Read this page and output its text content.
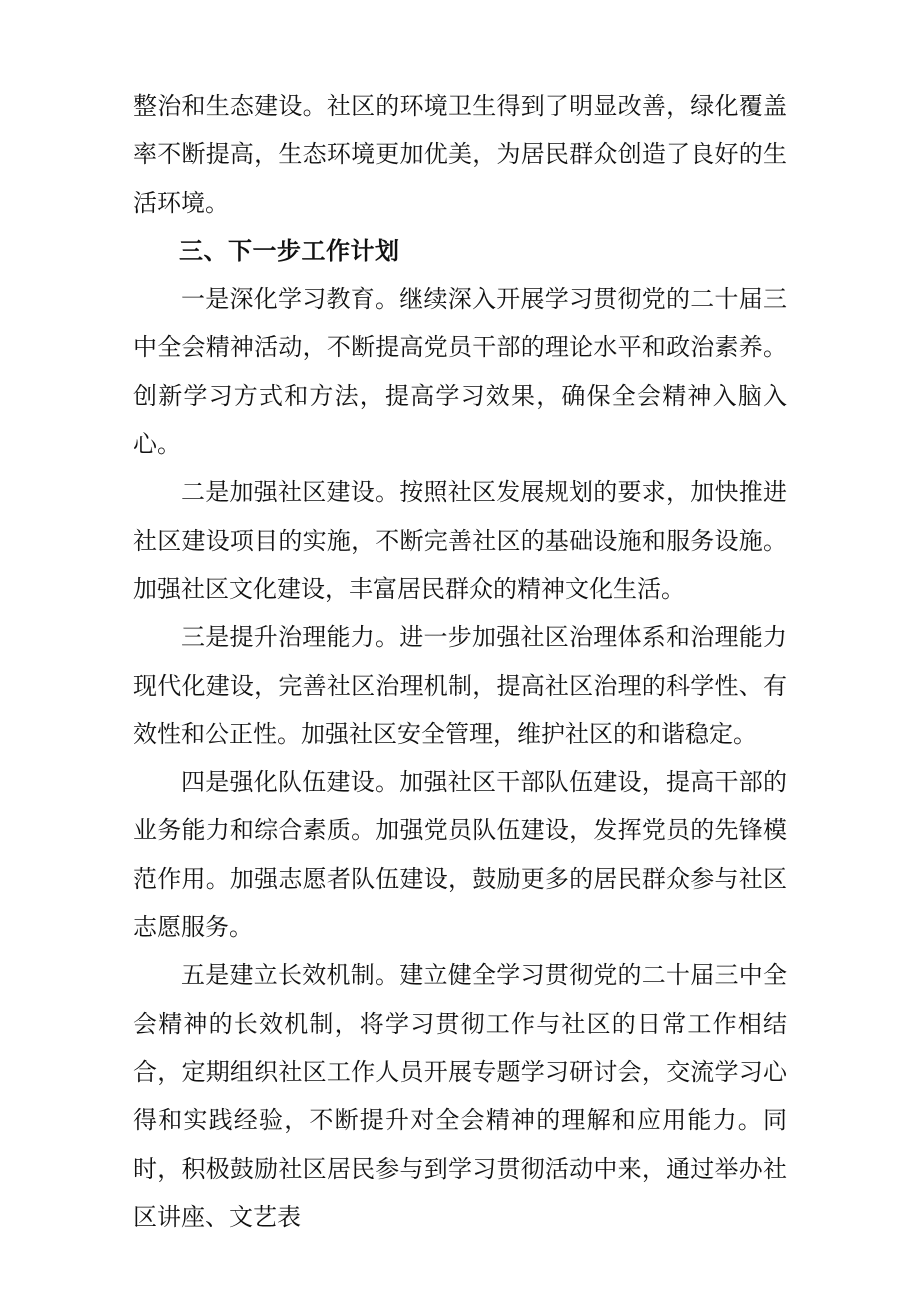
整治和生态建设。社区的环境卫生得到了明显改善，绿化覆盖率不断提高，生态环境更加优美，为居民群众创造了良好的生活环境。

三、下一步工作计划

一是深化学习教育。继续深入开展学习贯彻党的二十届三中全会精神活动，不断提高党员干部的理论水平和政治素养。创新学习方式和方法，提高学习效果，确保全会精神入脑入心。

二是加强社区建设。按照社区发展规划的要求，加快推进社区建设项目的实施，不断完善社区的基础设施和服务设施。加强社区文化建设，丰富居民群众的精神文化生活。

三是提升治理能力。进一步加强社区治理体系和治理能力现代化建设，完善社区治理机制，提高社区治理的科学性、有效性和公正性。加强社区安全管理，维护社区的和谐稳定。

四是强化队伍建设。加强社区干部队伍建设，提高干部的业务能力和综合素质。加强党员队伍建设，发挥党员的先锋模范作用。加强志愿者队伍建设，鼓励更多的居民群众参与社区志愿服务。

五是建立长效机制。建立健全学习贯彻党的二十届三中全会精神的长效机制，将学习贯彻工作与社区的日常工作相结合，定期组织社区工作人员开展专题学习研讨会，交流学习心得和实践经验，不断提升对全会精神的理解和应用能力。同时，积极鼓励社区居民参与到学习贯彻活动中来，通过举办社区讲座、文艺表
